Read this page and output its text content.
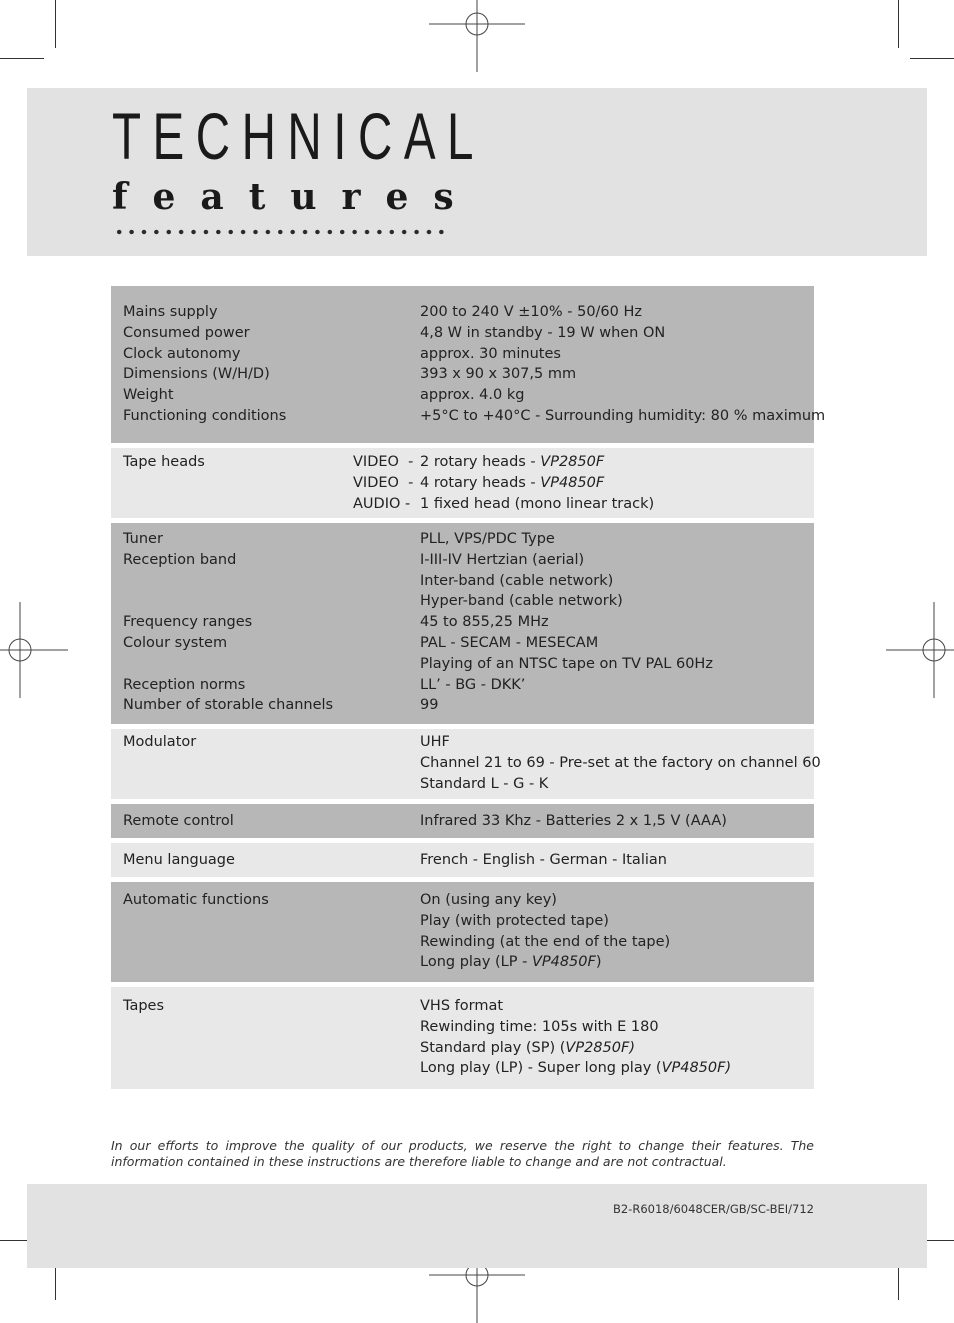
TECHNICAL
features
Mains supply	200 to 240 V ±10% - 50/60 Hz
Consumed power	4,8 W in standby - 19 W when ON
Clock autonomy	approx. 30 minutes
Dimensions (W/H/D)	393 x 90 x 307,5 mm
Weight	approx. 4.0 kg
Functioning conditions	+5°C to +40°C - Surrounding humidity: 80 % maximum
Tape heads	VIDEO  - 2 rotary heads - VP2850F
VIDEO  - 4 rotary heads - VP4850F
AUDIO - 1 fixed head (mono linear track)
Tuner	PLL, VPS/PDC Type
Reception band	I-III-IV Hertzian (aerial)
Inter-band (cable network)
Hyper-band (cable network)
Frequency ranges	45 to 855,25 MHz
Colour system	PAL - SECAM - MESECAM
Playing of an NTSC tape on TV PAL 60Hz
Reception norms	LL’ - BG - DKK’
Number of storable channels	99
Modulator	UHF
Channel 21 to 69 - Pre-set at the factory on channel 60
Standard L - G - K
Remote control	Infrared 33 Khz - Batteries 2 x 1,5 V (AAA)
Menu language	French - English - German - Italian
Automatic functions	On (using any key)
Play (with protected tape)
Rewinding (at the end of the tape)
Long play (LP - VP4850F)
Tapes	VHS format
Rewinding time: 105s with E 180
Standard play (SP) (VP2850F)
Long play (LP) - Super long play (VP4850F)

In our efforts to improve the quality of our products, we reserve the right to change their features. The information contained in these instructions are therefore liable to change and are not contractual.

B2-R6018/6048CER/GB/SC-BEI/712
